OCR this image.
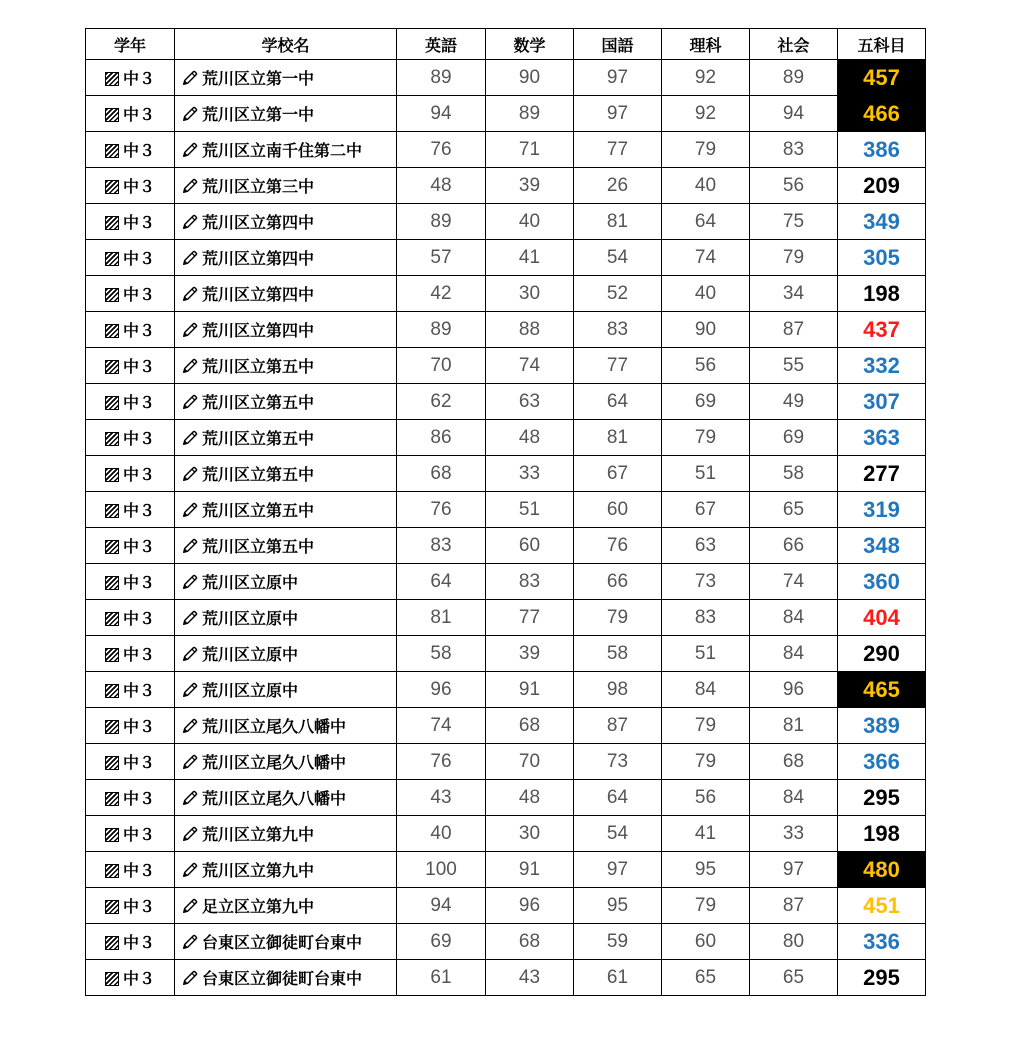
学年	学校名	英語	数学	国語	理科	社会	五科目
中３	荒川区立第一中	89	90	97	92	89	457
中３	荒川区立第一中	94	89	97	92	94	466
中３	荒川区立南千住第二中	76	71	77	79	83	386
中３	荒川区立第三中	48	39	26	40	56	209
中３	荒川区立第四中	89	40	81	64	75	349
中３	荒川区立第四中	57	41	54	74	79	305
中３	荒川区立第四中	42	30	52	40	34	198
中３	荒川区立第四中	89	88	83	90	87	437
中３	荒川区立第五中	70	74	77	56	55	332
中３	荒川区立第五中	62	63	64	69	49	307
中３	荒川区立第五中	86	48	81	79	69	363
中３	荒川区立第五中	68	33	67	51	58	277
中３	荒川区立第五中	76	51	60	67	65	319
中３	荒川区立第五中	83	60	76	63	66	348
中３	荒川区立原中	64	83	66	73	74	360
中３	荒川区立原中	81	77	79	83	84	404
中３	荒川区立原中	58	39	58	51	84	290
中３	荒川区立原中	96	91	98	84	96	465
中３	荒川区立尾久八幡中	74	68	87	79	81	389
中３	荒川区立尾久八幡中	76	70	73	79	68	366
中３	荒川区立尾久八幡中	43	48	64	56	84	295
中３	荒川区立第九中	40	30	54	41	33	198
中３	荒川区立第九中	100	91	97	95	97	480
中３	足立区立第九中	94	96	95	79	87	451
中３	台東区立御徒町台東中	69	68	59	60	80	336
中３	台東区立御徒町台東中	61	43	61	65	65	295
